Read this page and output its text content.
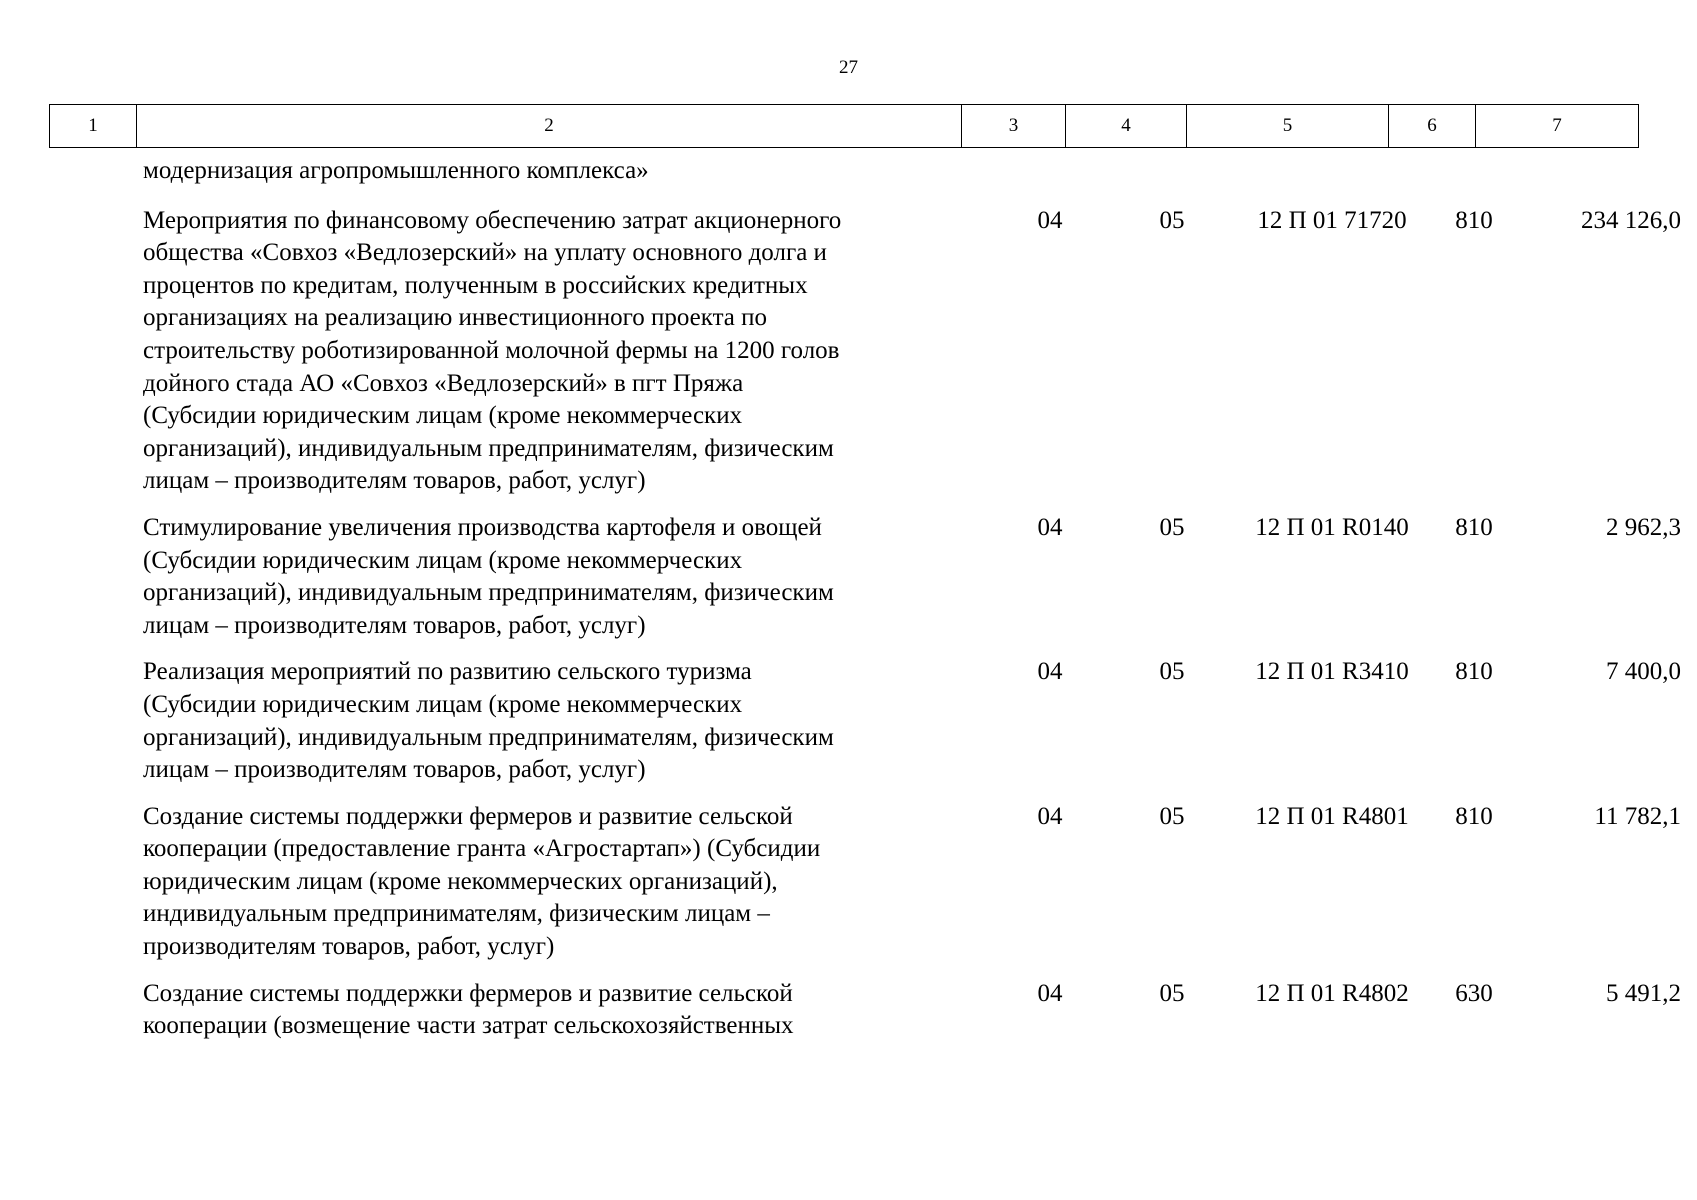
27
1	2	3	4	5	6	7
модернизация агропромышленного комплекса»
Мероприятия по финансовому обеспечению затрат акционерного
общества «Совхоз «Ведлозерский» на уплату основного долга и
процентов по кредитам, полученным в российских кредитных
организациях на реализацию инвестиционного проекта по
строительству роботизированной молочной фермы на 1200 голов
дойного стада АО «Совхоз «Ведлозерский» в пгт Пряжа
(Субсидии юридическим лицам (кроме некоммерческих
организаций), индивидуальным предпринимателям, физическим
лицам – производителям товаров, работ, услуг)
04	05	12 П 01 71720	810	234 126,0
Стимулирование увеличения производства картофеля и овощей
(Субсидии юридическим лицам (кроме некоммерческих
организаций), индивидуальным предпринимателям, физическим
лицам – производителям товаров, работ, услуг)
04	05	12 П 01 R0140	810	2 962,3
Реализация мероприятий по развитию сельского туризма
(Субсидии юридическим лицам (кроме некоммерческих
организаций), индивидуальным предпринимателям, физическим
лицам – производителям товаров, работ, услуг)
04	05	12 П 01 R3410	810	7 400,0
Создание системы поддержки фермеров и развитие сельской
кооперации (предоставление гранта «Агростартап») (Субсидии
юридическим лицам (кроме некоммерческих организаций),
индивидуальным предпринимателям, физическим лицам –
производителям товаров, работ, услуг)
04	05	12 П 01 R4801	810	11 782,1
Создание системы поддержки фермеров и развитие сельской
кооперации (возмещение части затрат сельскохозяйственных
04	05	12 П 01 R4802	630	5 491,2
